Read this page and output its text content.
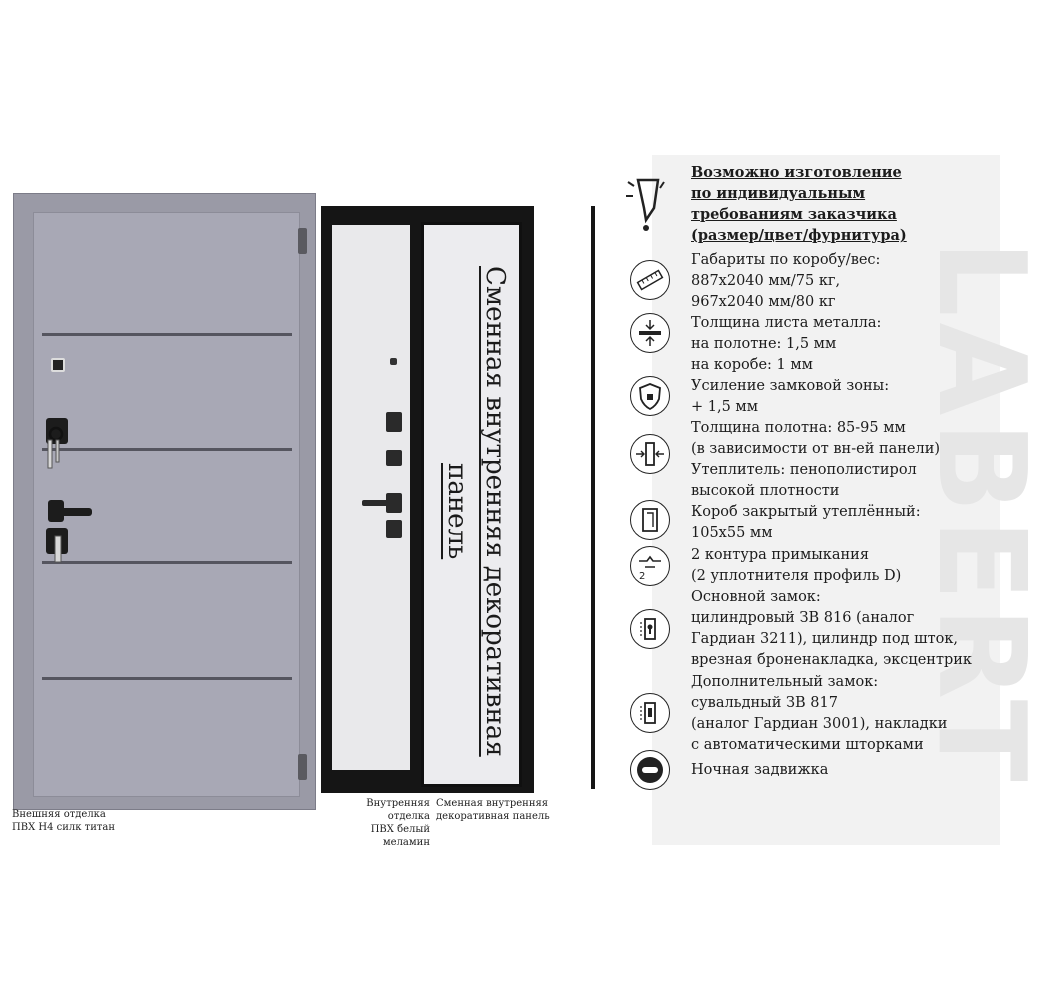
LABERT
Внешняя отделка
ПВХ Н4 силк титан
Сменная внутренняя декоративная панель
Внутренняя отделка
ПВХ белый меламин
Сменная внутренняя
декоративная панель
Возможно изготовление
по индивидуальным
требованиям заказчика
(размер/цвет/фурнитура)
Габариты по коробу/вес:
887х2040 мм/75 кг,
967х2040 мм/80 кг
Толщина листа металла:
на полотне: 1,5 мм
на коробе: 1 мм
Усиление замковой зоны:
+ 1,5 мм
Толщина полотна: 85-95 мм
(в зависимости от вн-ей панели)
Утеплитель: пенополистирол
высокой плотности
Короб закрытый утеплённый:
105х55 мм
2
2 контура примыкания
(2 уплотнителя профиль D)
Основной замок:
цилиндровый ЗВ 816 (аналог
Гардиан 3211), цилиндр под шток,
врезная броненакладка, эксцентрик
Дополнительный замок:
сувальдный ЗВ 817
(аналог Гардиан 3001), накладки
с автоматическими шторками
Ночная задвижка
